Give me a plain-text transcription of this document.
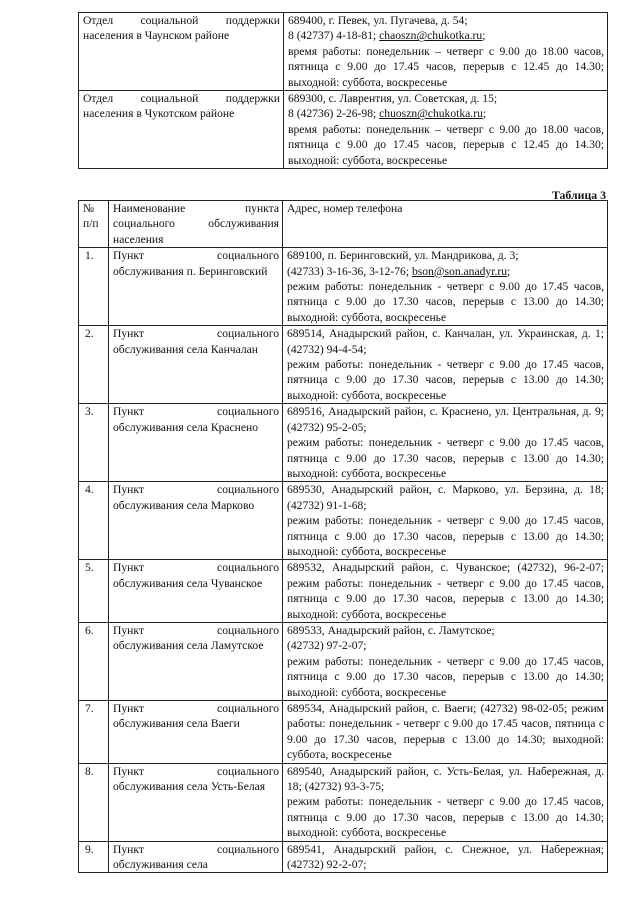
Отдел социальной поддержки населения в Чаунском районе	689400, г. Певек, ул. Пугачева, д. 54;
8 (42737) 4-18-81; chaoszn@chukotka.ru;
время работы: понедельник – четверг с 9.00 до 18.00 часов, пятница с 9.00 до 17.45 часов, перерыв с 12.45 до 14.30; выходной: суббота, воскресенье

Отдел социальной поддержки населения в Чукотском районе	689300, с. Лаврентия, ул. Советская, д. 15;
8 (42736) 2-26-98; chuoszn@chukotka.ru;
время работы: понедельник – четверг с 9.00 до 18.00 часов, пятница с 9.00 до 17.45 часов, перерыв с 12.45 до 14.30; выходной: суббота, воскресенье
Таблица 3
№ п/п	Наименование пункта социального обслуживания населения	Адрес, номер телефона
1.	Пункт социального обслуживания п. Беринговский	689100, п. Беринговский, ул. Мандрикова, д. 3;
(42733) 3-16-36, 3-12-76; bson@son.anadyr.ru;
режим работы: понедельник - четверг с 9.00 до 17.45 часов, пятница с 9.00 до 17.30 часов, перерыв с 13.00 до 14.30; выходной: суббота, воскресенье

2.	Пункт социального обслуживания села Канчалан	689514, Анадырский район, с. Канчалан, ул. Украинская, д. 1; (42732) 94-4-54;
режим работы: понедельник - четверг с 9.00 до 17.45 часов, пятница с 9.00 до 17.30 часов, перерыв с 13.00 до 14.30; выходной: суббота, воскресенье

3.	Пункт социального обслуживания села Краснено	689516, Анадырский район, с. Краснено, ул. Центральная, д. 9; (42732) 95-2-05;
режим работы: понедельник - четверг с 9.00 до 17.45 часов, пятница с 9.00 до 17.30 часов, перерыв с 13.00 до 14.30; выходной: суббота, воскресенье

4.	Пункт социального обслуживания села Марково	689530, Анадырский район, с. Марково, ул. Берзина, д. 18; (42732) 91-1-68;
режим работы: понедельник - четверг с 9.00 до 17.45 часов, пятница с 9.00 до 17.30 часов, перерыв с 13.00 до 14.30; выходной: суббота, воскресенье

5.	Пункт социального обслуживания села Чуванское	689532, Анадырский район, с. Чуванское; (42732), 96-2-07; режим работы: понедельник - четверг с 9.00 до 17.45 часов, пятница с 9.00 до 17.30 часов, перерыв с 13.00 до 14.30; выходной: суббота, воскресенье

6.	Пункт социального обслуживания села Ламутское	689533, Анадырский район, с. Ламутское;
(42732) 97-2-07;
режим работы: понедельник - четверг с 9.00 до 17.45 часов, пятница с 9.00 до 17.30 часов, перерыв с 13.00 до 14.30; выходной: суббота, воскресенье

7.	Пункт социального обслуживания села Ваеги	689534, Анадырский район, с. Ваеги; (42732) 98-02-05; режим работы: понедельник - четверг с 9.00 до 17.45 часов, пятница с 9.00 до 17.30 часов, перерыв с 13.00 до 14.30; выходной: суббота, воскресенье

8.	Пункт социального обслуживания села Усть-Белая	689540, Анадырский район, с. Усть-Белая, ул. Набережная, д. 18; (42732) 93-3-75;
режим работы: понедельник - четверг с 9.00 до 17.45 часов, пятница с 9.00 до 17.30 часов, перерыв с 13.00 до 14.30; выходной: суббота, воскресенье

9.	Пункт социального обслуживания села	689541, Анадырский район, с. Снежное, ул. Набережная; (42732) 92-2-07;
